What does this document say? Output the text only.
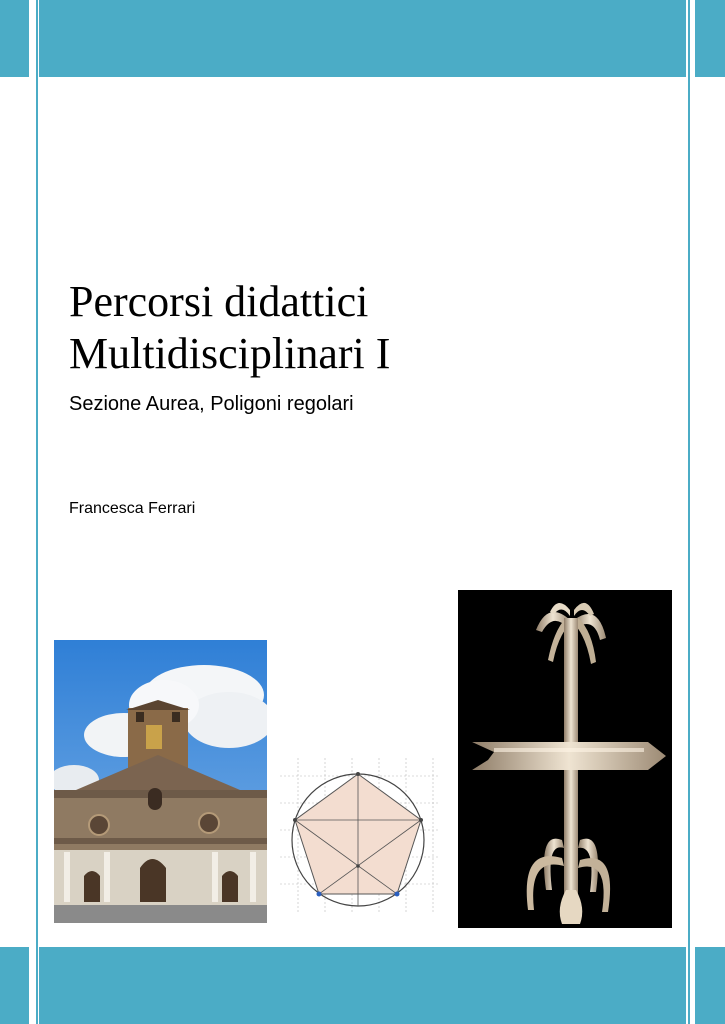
Percorsi didattici
Multidisciplinari I

Sezione Aurea, Poligoni regolari

Francesca Ferrari
